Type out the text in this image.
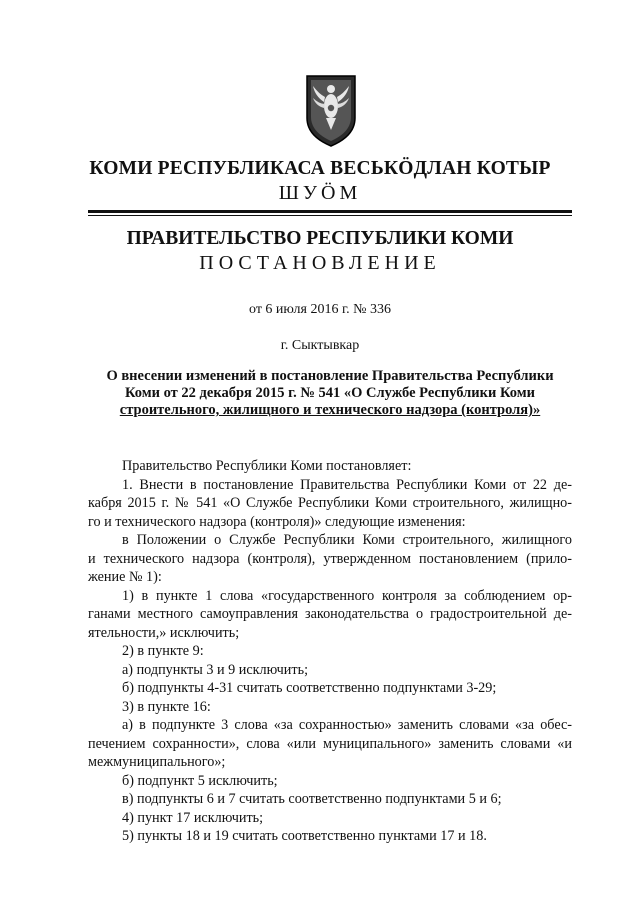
КОМИ РЕСПУБЛИКАСА ВЕСЬКӦДЛАН КОТЫР
ШУӦМ
ПРАВИТЕЛЬСТВО РЕСПУБЛИКИ КОМИ
ПОСТАНОВЛЕНИЕ
от 6 июля 2016 г. № 336
г. Сыктывкар
О внесении изменений в постановление Правительства Республики
Коми от 22 декабря 2015 г. № 541 «О Службе Республики Коми
строительного, жилищного и технического надзора (контроля)»
Правительство Республики Коми постановляет:
1. Внести в постановление Правительства Республики Коми от 22 де-
кабря 2015 г. № 541 «О Службе Республики Коми строительного, жилищно-
го и технического надзора (контроля)» следующие изменения:
в Положении о Службе Республики Коми строительного, жилищного
и технического надзора (контроля), утвержденном постановлением (прило-
жение № 1):
1) в пункте 1 слова «государственного контроля за соблюдением ор-
ганами местного самоуправления законодательства о градостроительной де-
ятельности,» исключить;
2) в пункте 9:
а) подпункты 3 и 9 исключить;
б) подпункты 4-31 считать соответственно подпунктами 3-29;
3) в пункте 16:
а) в подпункте 3 слова «за сохранностью» заменить словами «за обес-
печением сохранности», слова «или муниципального» заменить словами «и
межмуниципального»;
б) подпункт 5 исключить;
в) подпункты 6 и 7 считать соответственно подпунктами 5 и 6;
4) пункт 17 исключить;
5) пункты 18 и 19 считать соответственно пунктами 17 и 18.
